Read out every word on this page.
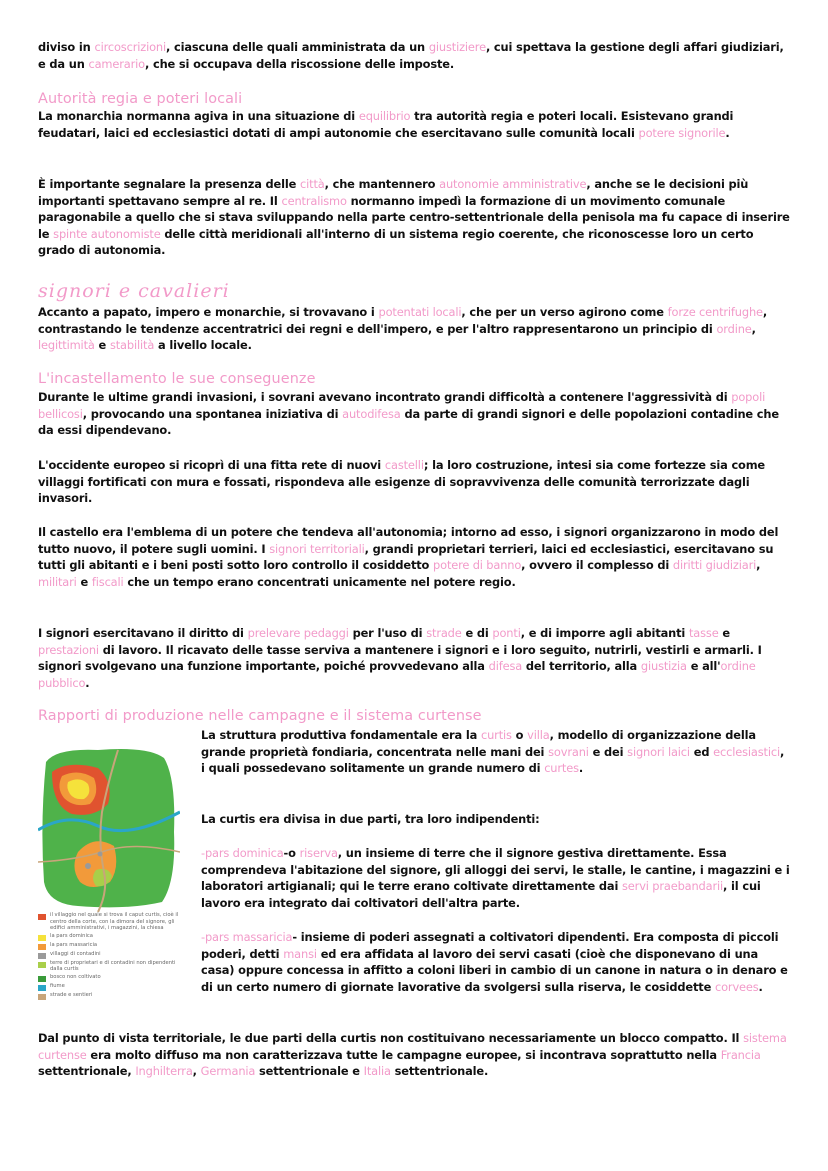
diviso in circoscrizioni, ciascuna delle quali amministrata da un giustiziere, cui spettava la gestione degli affari giudiziari, e da un camerario, che si occupava della riscossione delle imposte.

Autorità regia e poteri locali

La monarchia normanna agiva in una situazione di equilibrio tra autorità regia e poteri locali. Esistevano grandi feudatari, laici ed ecclesiastici dotati di ampi autonomie che esercitavano sulle comunità locali potere signorile.

È importante segnalare la presenza delle città, che mantennero autonomie amministrative, anche se le decisioni più importanti spettavano sempre al re. Il centralismo normanno impedì la formazione di un movimento comunale paragonabile a quello che si stava sviluppando nella parte centro-settentrionale della penisola ma fu capace di inserire le spinte autonomiste delle città meridionali all'interno di un sistema regio coerente, che riconoscesse loro un certo grado di autonomia.

signori e cavalieri

Accanto a papato, impero e monarchie, si trovavano i potentati locali, che per un verso agirono come forze centrifughe, contrastando le tendenze accentratrici dei regni e dell'impero, e per l'altro rappresentarono un principio di ordine, legittimità e stabilità a livello locale.

L'incastellamento le sue conseguenze

Durante le ultime grandi invasioni, i sovrani avevano incontrato grandi difficoltà a contenere l'aggressività di popoli bellicosi, provocando una spontanea iniziativa di autodifesa da parte di grandi signori e delle popolazioni contadine che da essi dipendevano.

L'occidente europeo si ricoprì di una fitta rete di nuovi castelli; la loro costruzione, intesi sia come fortezze sia come villaggi fortificati con mura e fossati, rispondeva alle esigenze di sopravvivenza delle comunità terrorizzate dagli invasori.

Il castello era l'emblema di un potere che tendeva all'autonomia; intorno ad esso, i signori organizzarono in modo del tutto nuovo, il potere sugli uomini. I signori territoriali, grandi proprietari terrieri, laici ed ecclesiastici, esercitavano su tutti gli abitanti e i beni posti sotto loro controllo il cosiddetto potere di banno, ovvero il complesso di diritti giudiziari, militari e fiscali che un tempo erano concentrati unicamente nel potere regio.

I signori esercitavano il diritto di prelevare pedaggi per l'uso di strade e di ponti, e di imporre agli abitanti tasse e prestazioni di lavoro. Il ricavato delle tasse serviva a mantenere i signori e i loro seguito, nutrirli, vestirli e armarli. I signori svolgevano una funzione importante, poiché provvedevano alla difesa del territorio, alla giustizia e all'ordine pubblico.

Rapporti di produzione nelle campagne e il sistema curtense
il villaggio nel quale si trova il caput curtis, cioè il centro della corte, con la dimora del signore, gli edifici amministrativi, i magazzini, la chiesa
la pars dominica
la pars massaricia
villaggi di contadini
terre di proprietari e di contadini non dipendenti dalla curtis
bosco non coltivato
fiume
strade e sentieri

La struttura produttiva fondamentale era la curtis o villa, modello di organizzazione della grande proprietà fondiaria, concentrata nelle mani dei sovrani e dei signori laici ed ecclesiastici, i quali possedevano solitamente un grande numero di curtes.

La curtis era divisa in due parti, tra loro indipendenti:

-pars dominica-o riserva, un insieme di terre che il signore gestiva direttamente. Essa comprendeva l'abitazione del signore, gli alloggi dei servi, le stalle, le cantine, i magazzini e i laboratori artigianali; qui le terre erano coltivate direttamente dai servi praebandarii, il cui lavoro era integrato dai coltivatori dell'altra parte.

-pars massaricia- insieme di poderi assegnati a coltivatori dipendenti. Era composta di piccoli poderi, detti mansi ed era affidata al lavoro dei servi casati (cioè che disponevano di una casa) oppure concessa in affitto a coloni liberi in cambio di un canone in natura o in denaro e di un certo numero di giornate lavorative da svolgersi sulla riserva, le cosiddette corvees.

Dal punto di vista territoriale, le due parti della curtis non costituivano necessariamente un blocco compatto. Il sistema curtense era molto diffuso ma non caratterizzava tutte le campagne europee, si incontrava soprattutto nella Francia settentrionale, Inghilterra, Germania settentrionale e Italia settentrionale.
